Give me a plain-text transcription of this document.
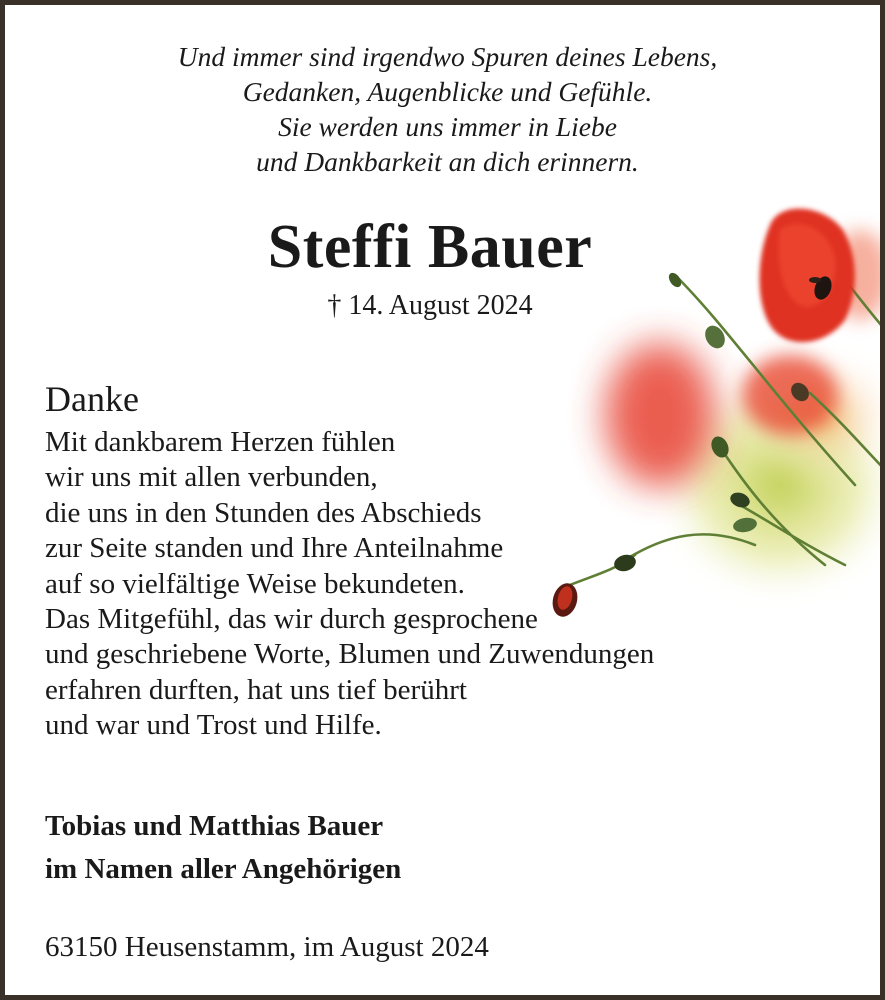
Und immer sind irgendwo Spuren deines Lebens,
Gedanken, Augenblicke und Gefühle.
Sie werden uns immer in Liebe
und Dankbarkeit an dich erinnern.
Steffi Bauer
† 14. August 2024
Danke
Mit dankbarem Herzen fühlen
wir uns mit allen verbunden,
die uns in den Stunden des Abschieds
zur Seite standen und Ihre Anteilnahme
auf so vielfältige Weise bekundeten.
Das Mitgefühl, das wir durch gesprochene
und geschriebene Worte, Blumen und Zuwendungen
erfahren durften, hat uns tief berührt
und war und Trost und Hilfe.
Tobias und Matthias Bauer
im Namen aller Angehörigen
63150 Heusenstamm, im August 2024
